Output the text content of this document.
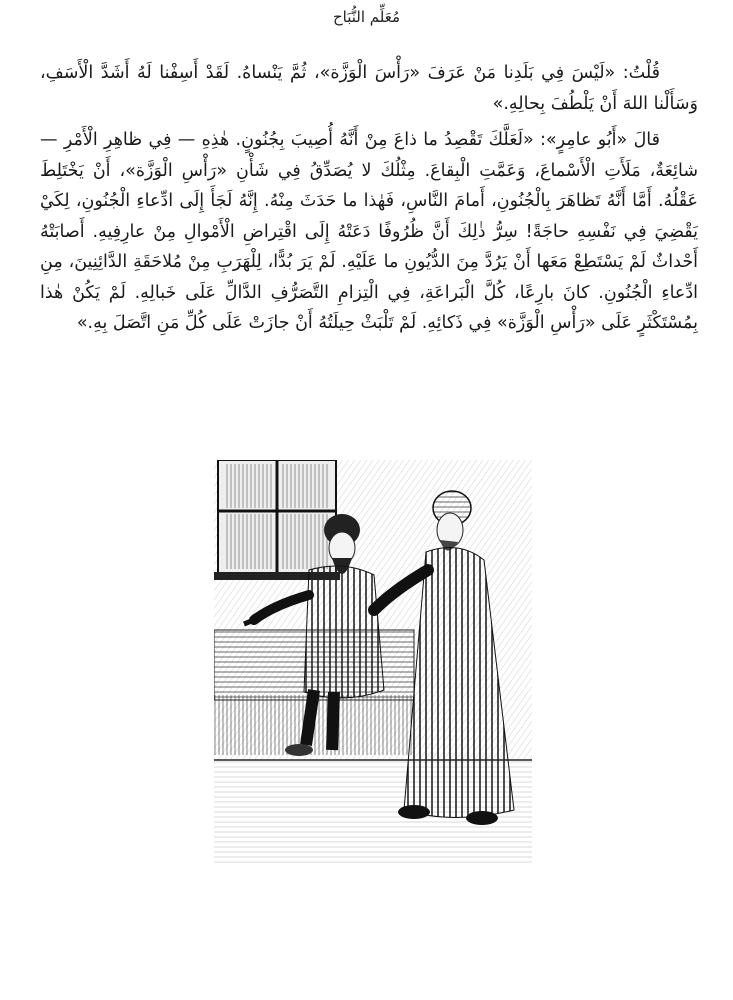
مُعَلِّم النُّبَاح

قُلْتُ: «لَيْسَ فِي بَلَدِنا مَنْ عَرَفَ «رَأْسَ الْوَزَّة»، ثُمَّ يَنْساهُ. لَقَدْ أَسِفْنا لَهُ أَشَدَّ الْأَسَفِ، وَسَأَلْنا اللهَ أَنْ يَلْطُفَ بِحالِهِ.»

قالَ «أَبُو عامِرٍ»: «لَعَلَّكَ تَقْصِدُ ما ذاعَ مِنْ أَنَّهُ أُصِيبَ بِجُنُونٍ. هٰذِهِ — فِي ظاهِرِ الْأَمْرِ — شائِعَةٌ، مَلَأَتِ الْأَسْماعَ، وَعَمَّتِ الْبِقاعَ. مِثْلُكَ لا يُصَدِّقُ فِي شَأْنِ «رَأْسِ الْوَزَّة»، أَنْ يَخْتَلِطَ عَقْلُهُ. أَمَّا أَنَّهُ تَظاهَرَ بِالْجُنُونِ، أَمامَ النَّاسِ، فَهٰذا ما حَدَثَ مِنْهُ. إِنَّهُ لَجَأَ إِلَى ادِّعاءِ الْجُنُونِ، لِكَيْ يَقْضِيَ فِي نَفْسِهِ حاجَةً! سِرُّ ذٰلِكَ أَنَّ ظُرُوفًا دَعَتْهُ إِلَى اقْتِراضِ الْأَمْوالِ مِنْ عارِفِيهِ. أَصابَتْهُ أَحْداثٌ لَمْ يَسْتَطِعْ مَعَها أَنْ يَرُدَّ مِنَ الدُّيُونِ ما عَلَيْهِ. لَمْ يَرَ بُدًّا، لِلْهَرَبِ مِنْ مُلاحَقَةِ الدَّائِنِينَ، مِنِ ادِّعاءِ الْجُنُونِ. كانَ بارِعًا، كُلَّ الْبَراعَةِ، فِي الْتِزامِ التَّصَرُّفِ الدَّالِّ عَلَى خَبالِهِ. لَمْ يَكُنْ هٰذا بِمُسْتَكْثَرٍ عَلَى «رَأْسِ الْوَزَّة» فِي ذَكائِهِ. لَمْ تَلْبَثْ حِيلَتُهُ أَنْ جازَتْ عَلَى كُلِّ مَنِ اتَّصَلَ بِهِ.»
